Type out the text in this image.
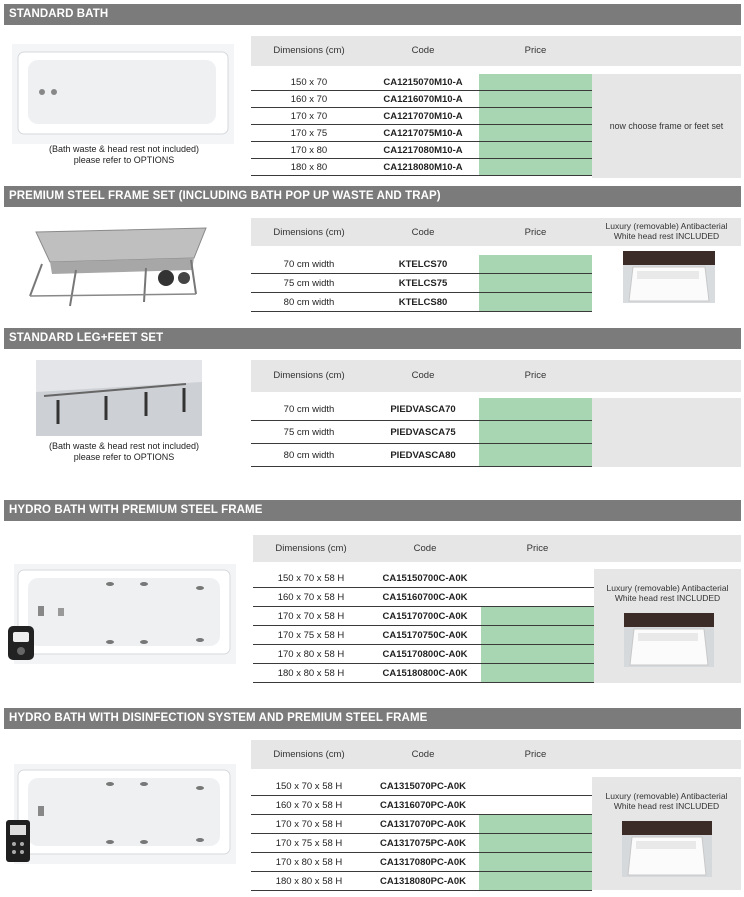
STANDARD BATH
(Bath waste & head rest not included)
please refer to OPTIONS
Dimensions (cm)	Code	Price
now choose frame or feet set
150 x 70	CA1215070M10-A
160 x 70	CA1216070M10-A
170 x 70	CA1217070M10-A
170 x 75	CA1217075M10-A
170 x 80	CA1217080M10-A
180 x 80	CA1218080M10-A
PREMIUM STEEL FRAME SET (INCLUDING BATH POP UP WASTE AND TRAP)
Dimensions (cm)	Code	Price
Luxury (removable) Antibacterial
White head rest INCLUDED
70 cm width	KTELCS70
75 cm width	KTELCS75
80 cm width	KTELCS80
STANDARD LEG+FEET SET
(Bath waste & head rest not included)
please refer to OPTIONS
Dimensions (cm)	Code	Price
70 cm width	PIEDVASCA70
75 cm width	PIEDVASCA75
80 cm width	PIEDVASCA80
HYDRO BATH WITH PREMIUM STEEL FRAME
Dimensions (cm)	Code	Price
Luxury (removable) Antibacterial
White head rest INCLUDED
150 x 70 x 58 H	CA15150700C-A0K
160 x 70 x 58 H	CA15160700C-A0K
170 x 70 x 58 H	CA15170700C-A0K
170 x 75 x 58 H	CA15170750C-A0K
170 x 80 x 58 H	CA15170800C-A0K
180 x 80 x 58 H	CA15180800C-A0K
HYDRO BATH WITH DISINFECTION SYSTEM AND PREMIUM STEEL FRAME
Dimensions (cm)	Code	Price
Luxury (removable) Antibacterial
White head rest INCLUDED
150 x 70 x 58 H	CA1315070PC-A0K
160 x 70 x 58 H	CA1316070PC-A0K
170 x 70 x 58 H	CA1317070PC-A0K
170 x 75 x 58 H	CA1317075PC-A0K
170 x 80 x 58 H	CA1317080PC-A0K
180 x 80 x 58 H	CA1318080PC-A0K
